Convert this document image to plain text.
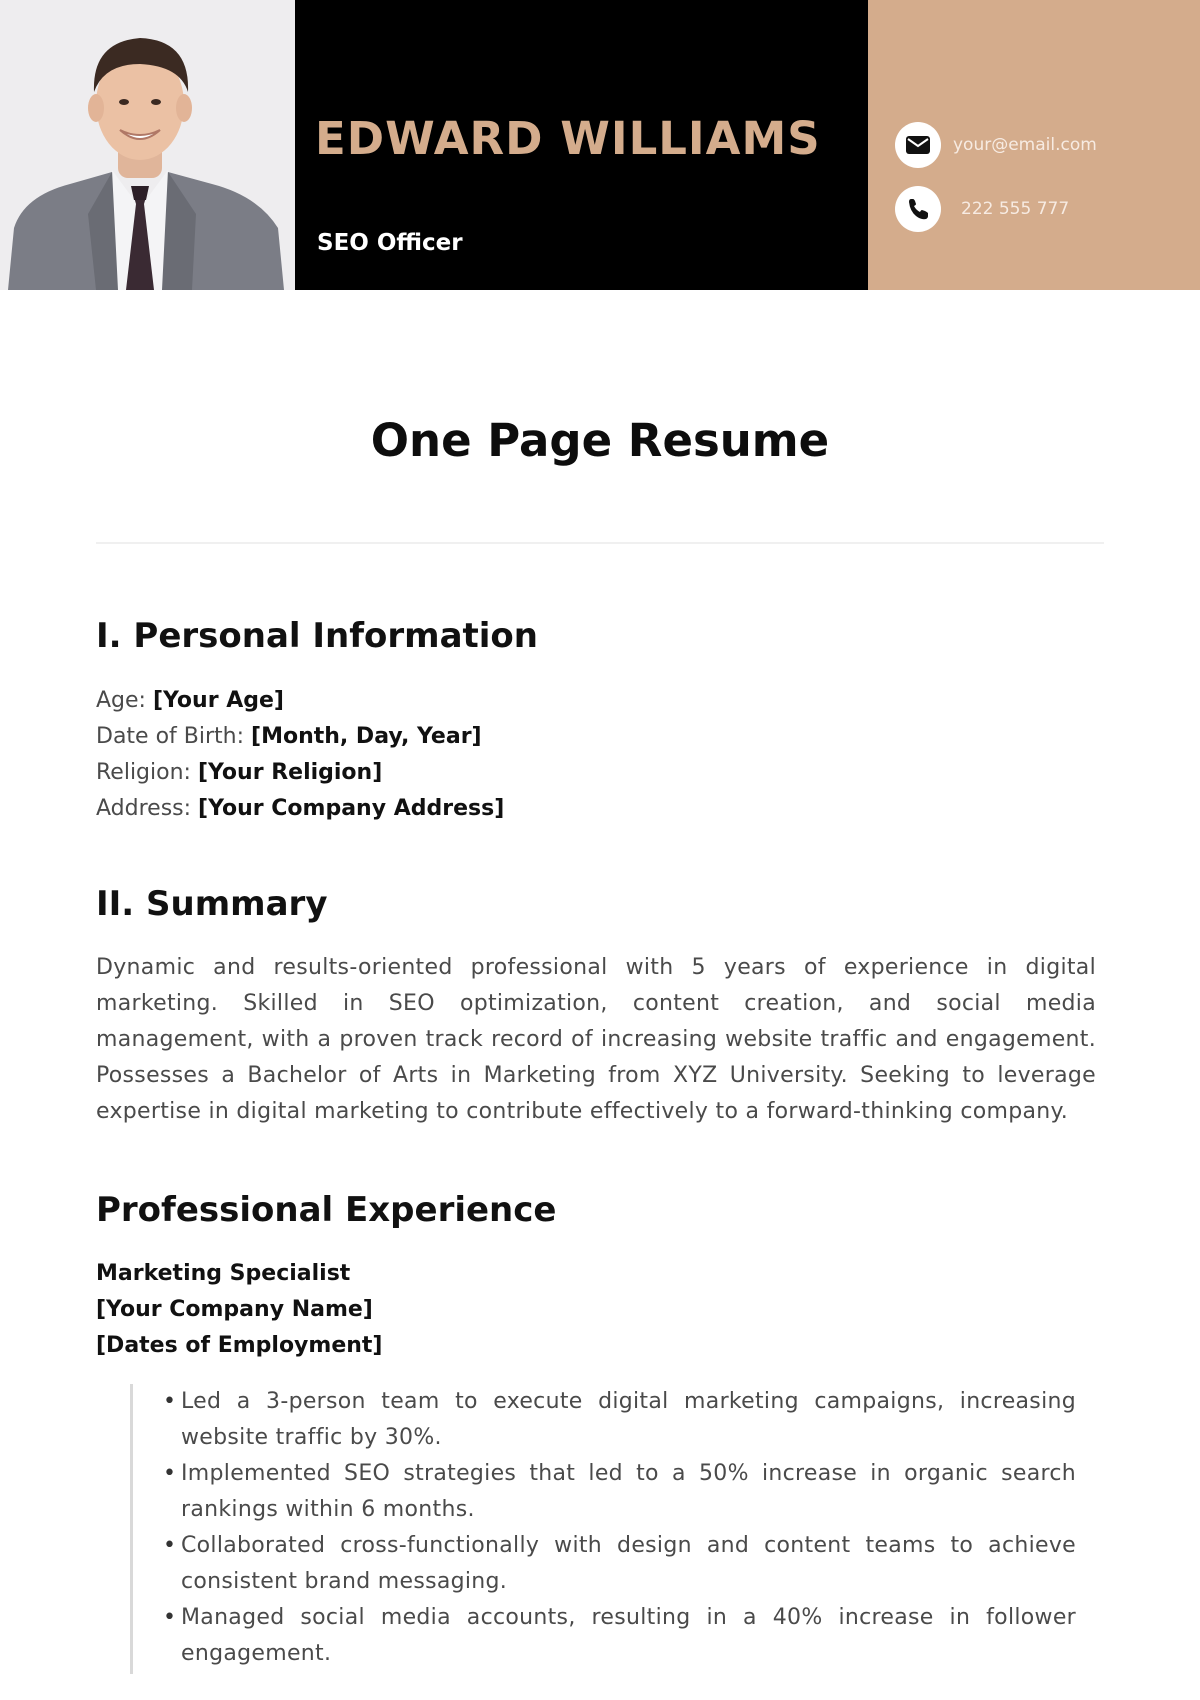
EDWARD WILLIAMS
SEO Officer
your@email.com
222 555 777
One Page Resume
I. Personal Information
Age: [Your Age]
Date of Birth: [Month, Day, Year]
Religion: [Your Religion]
Address: [Your Company Address]
II. Summary

Dynamic and results-oriented professional with 5 years of experience in digital marketing. Skilled in SEO optimization, content creation, and social media management, with a proven track record of increasing website traffic and engagement. Possesses a Bachelor of Arts in Marketing from XYZ University. Seeking to leverage expertise in digital marketing to contribute effectively to a forward-thinking company.

Professional Experience
Marketing Specialist
[Your Company Name]
[Dates of Employment]
• Led a 3-person team to execute digital marketing campaigns, increasing website traffic by 30%.
• Implemented SEO strategies that led to a 50% increase in organic search rankings within 6 months.
• Collaborated cross-functionally with design and content teams to achieve consistent brand messaging.
• Managed social media accounts, resulting in a 40% increase in follower engagement.
